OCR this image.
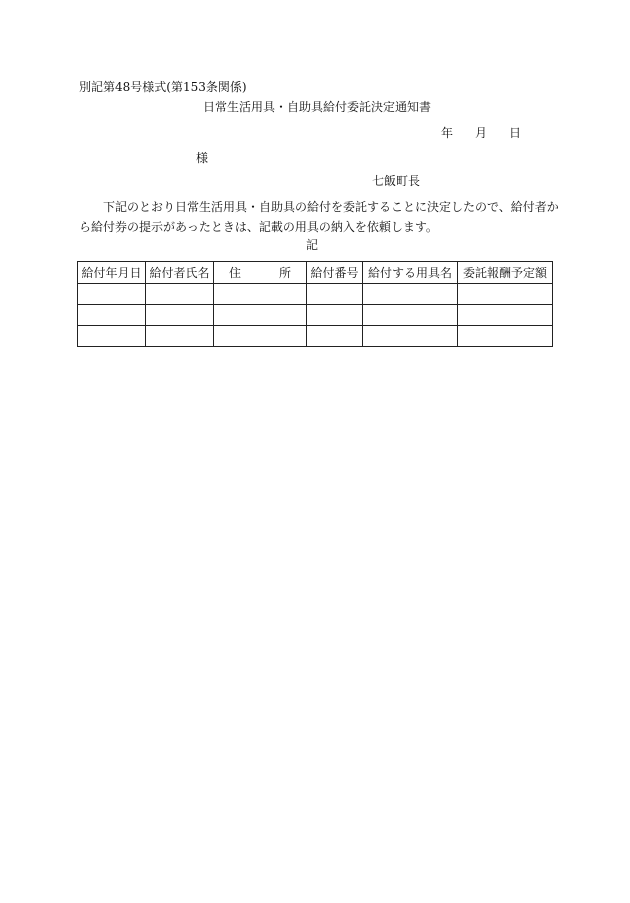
別記第48号様式(第153条関係)
日常生活用具・自助具給付委託決定通知書
年 月 日
様
七飯町長

下記のとおり日常生活用具・自助具の給付を委託することに決定したので、給付者か

ら給付券の提示があったときは、記載の用具の納入を依頼します。

記
給付年月日	給付者氏名	住 所	給付番号	給付する用具名	委託報酬予定額
